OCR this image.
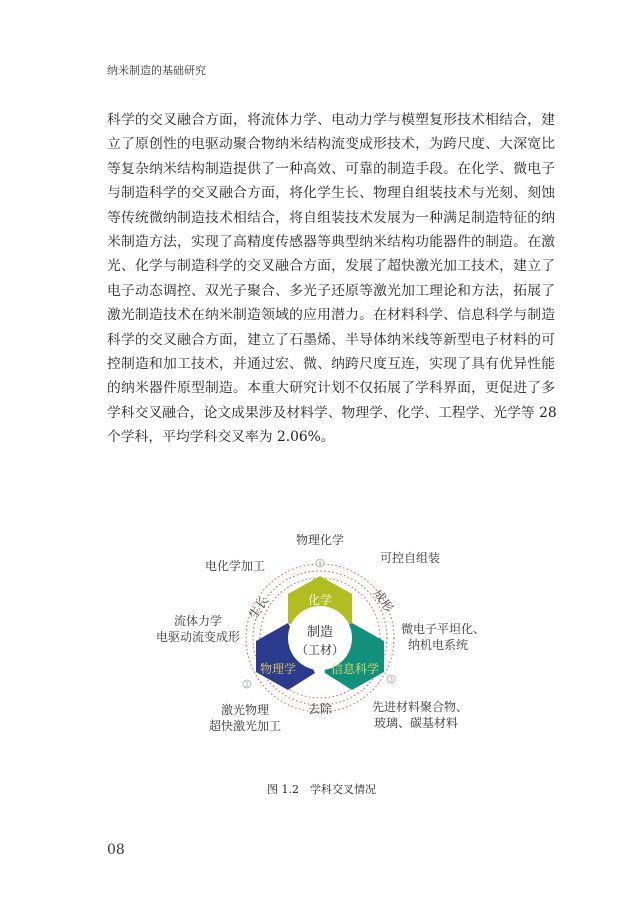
纳米制造的基础研究
科学的交叉融合方面，将流体力学、电动力学与模塑复形技术相结合，建
立了原创性的电驱动聚合物纳米结构流变成形技术，为跨尺度、大深宽比
等复杂纳米结构制造提供了一种高效、可靠的制造手段。在化学、微电子
与制造科学的交叉融合方面，将化学生长、物理自组装技术与光刻、刻蚀
等传统微纳制造技术相结合，将自组装技术发展为一种满足制造特征的纳
米制造方法，实现了高精度传感器等典型纳米结构功能器件的制造。在激
光、化学与制造科学的交叉融合方面，发展了超快激光加工技术，建立了
电子动态调控、双光子聚合、多光子还原等激光加工理论和方法，拓展了
激光制造技术在纳米制造领域的应用潜力。在材料科学、信息科学与制造
科学的交叉融合方面，建立了石墨烯、半导体纳米线等新型电子材料的可
控制造和加工技术，并通过宏、微、纳跨尺度互连，实现了具有优异性能
的纳米器件原型制造。本重大研究计划不仅拓展了学科界面，更促进了多
学科交叉融合，论文成果涉及材料学、物理学、化学、工程学、光学等 28
个学科，平均学科交叉率为 2.06%。
化学
物理学	信息科学
制造
（工材）
生长	成形
去除
1
2
3
物理化学
可控自组装
电化学加工
流体力学
电驱动流变成形
微电子平坦化、
纳机电系统
激光物理
超快激光加工
先进材料聚合物、
玻璃、碳基材料
图 1.2　学科交叉情况
08
